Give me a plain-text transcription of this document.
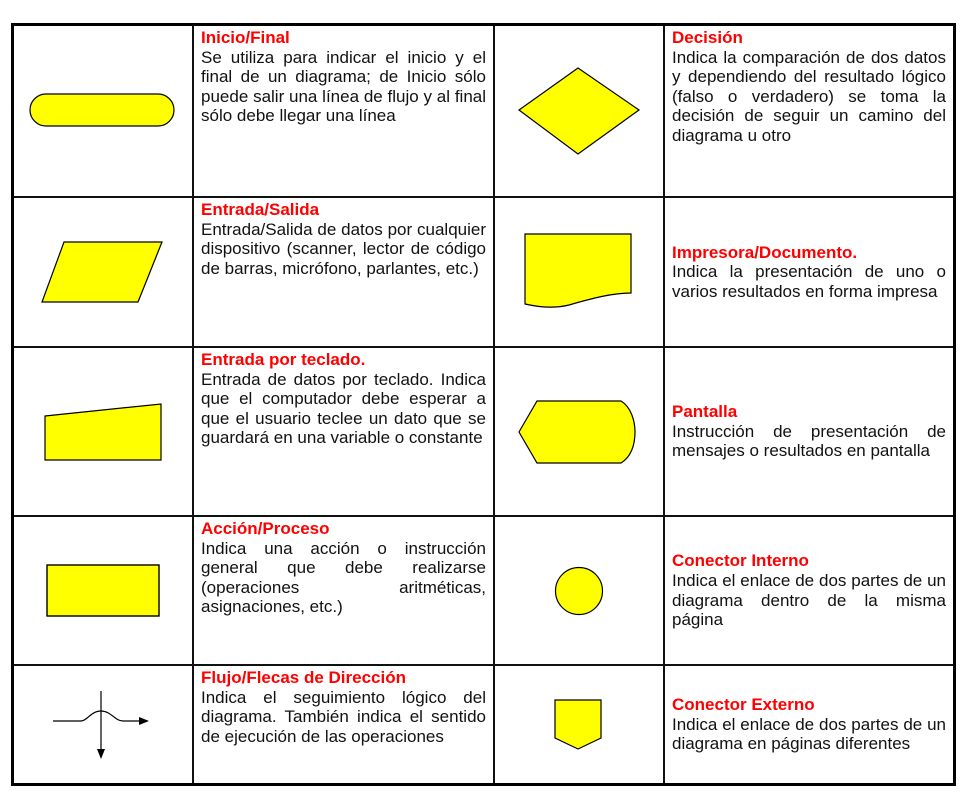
Inicio/Final
Se utiliza para indicar el inicio y el final de un diagrama; de Inicio sólo puede salir una línea de flujo y al final sólo debe llegar una línea		Decisión
Indica la comparación de dos datos y dependiendo del resultado lógico (falso o verdadero) se toma la decisión de seguir un camino del diagrama u otro

Entrada/Salida
Entrada/Salida de datos por cualquier dispositivo (scanner, lector de código de barras, micrófono, parlantes, etc.)		Impresora/Documento.
Indica la presentación de uno o varios resultados en forma impresa

Entrada por teclado.
Entrada de datos por teclado. Indica que el computador debe esperar a que el usuario teclee un dato que se guardará en una variable o constante		Pantalla
Instrucción de presentación de mensajes o resultados en pantalla

Acción/Proceso
Indica una acción o instrucción general que debe realizarse (operaciones aritméticas, asignaciones, etc.)		Conector Interno
Indica el enlace de dos partes de un diagrama dentro de la misma página

Flujo/Flecas de Dirección
Indica el seguimiento lógico del diagrama. También indica el sentido de ejecución de las operaciones		Conector Externo
Indica el enlace de dos partes de un diagrama en páginas diferentes
